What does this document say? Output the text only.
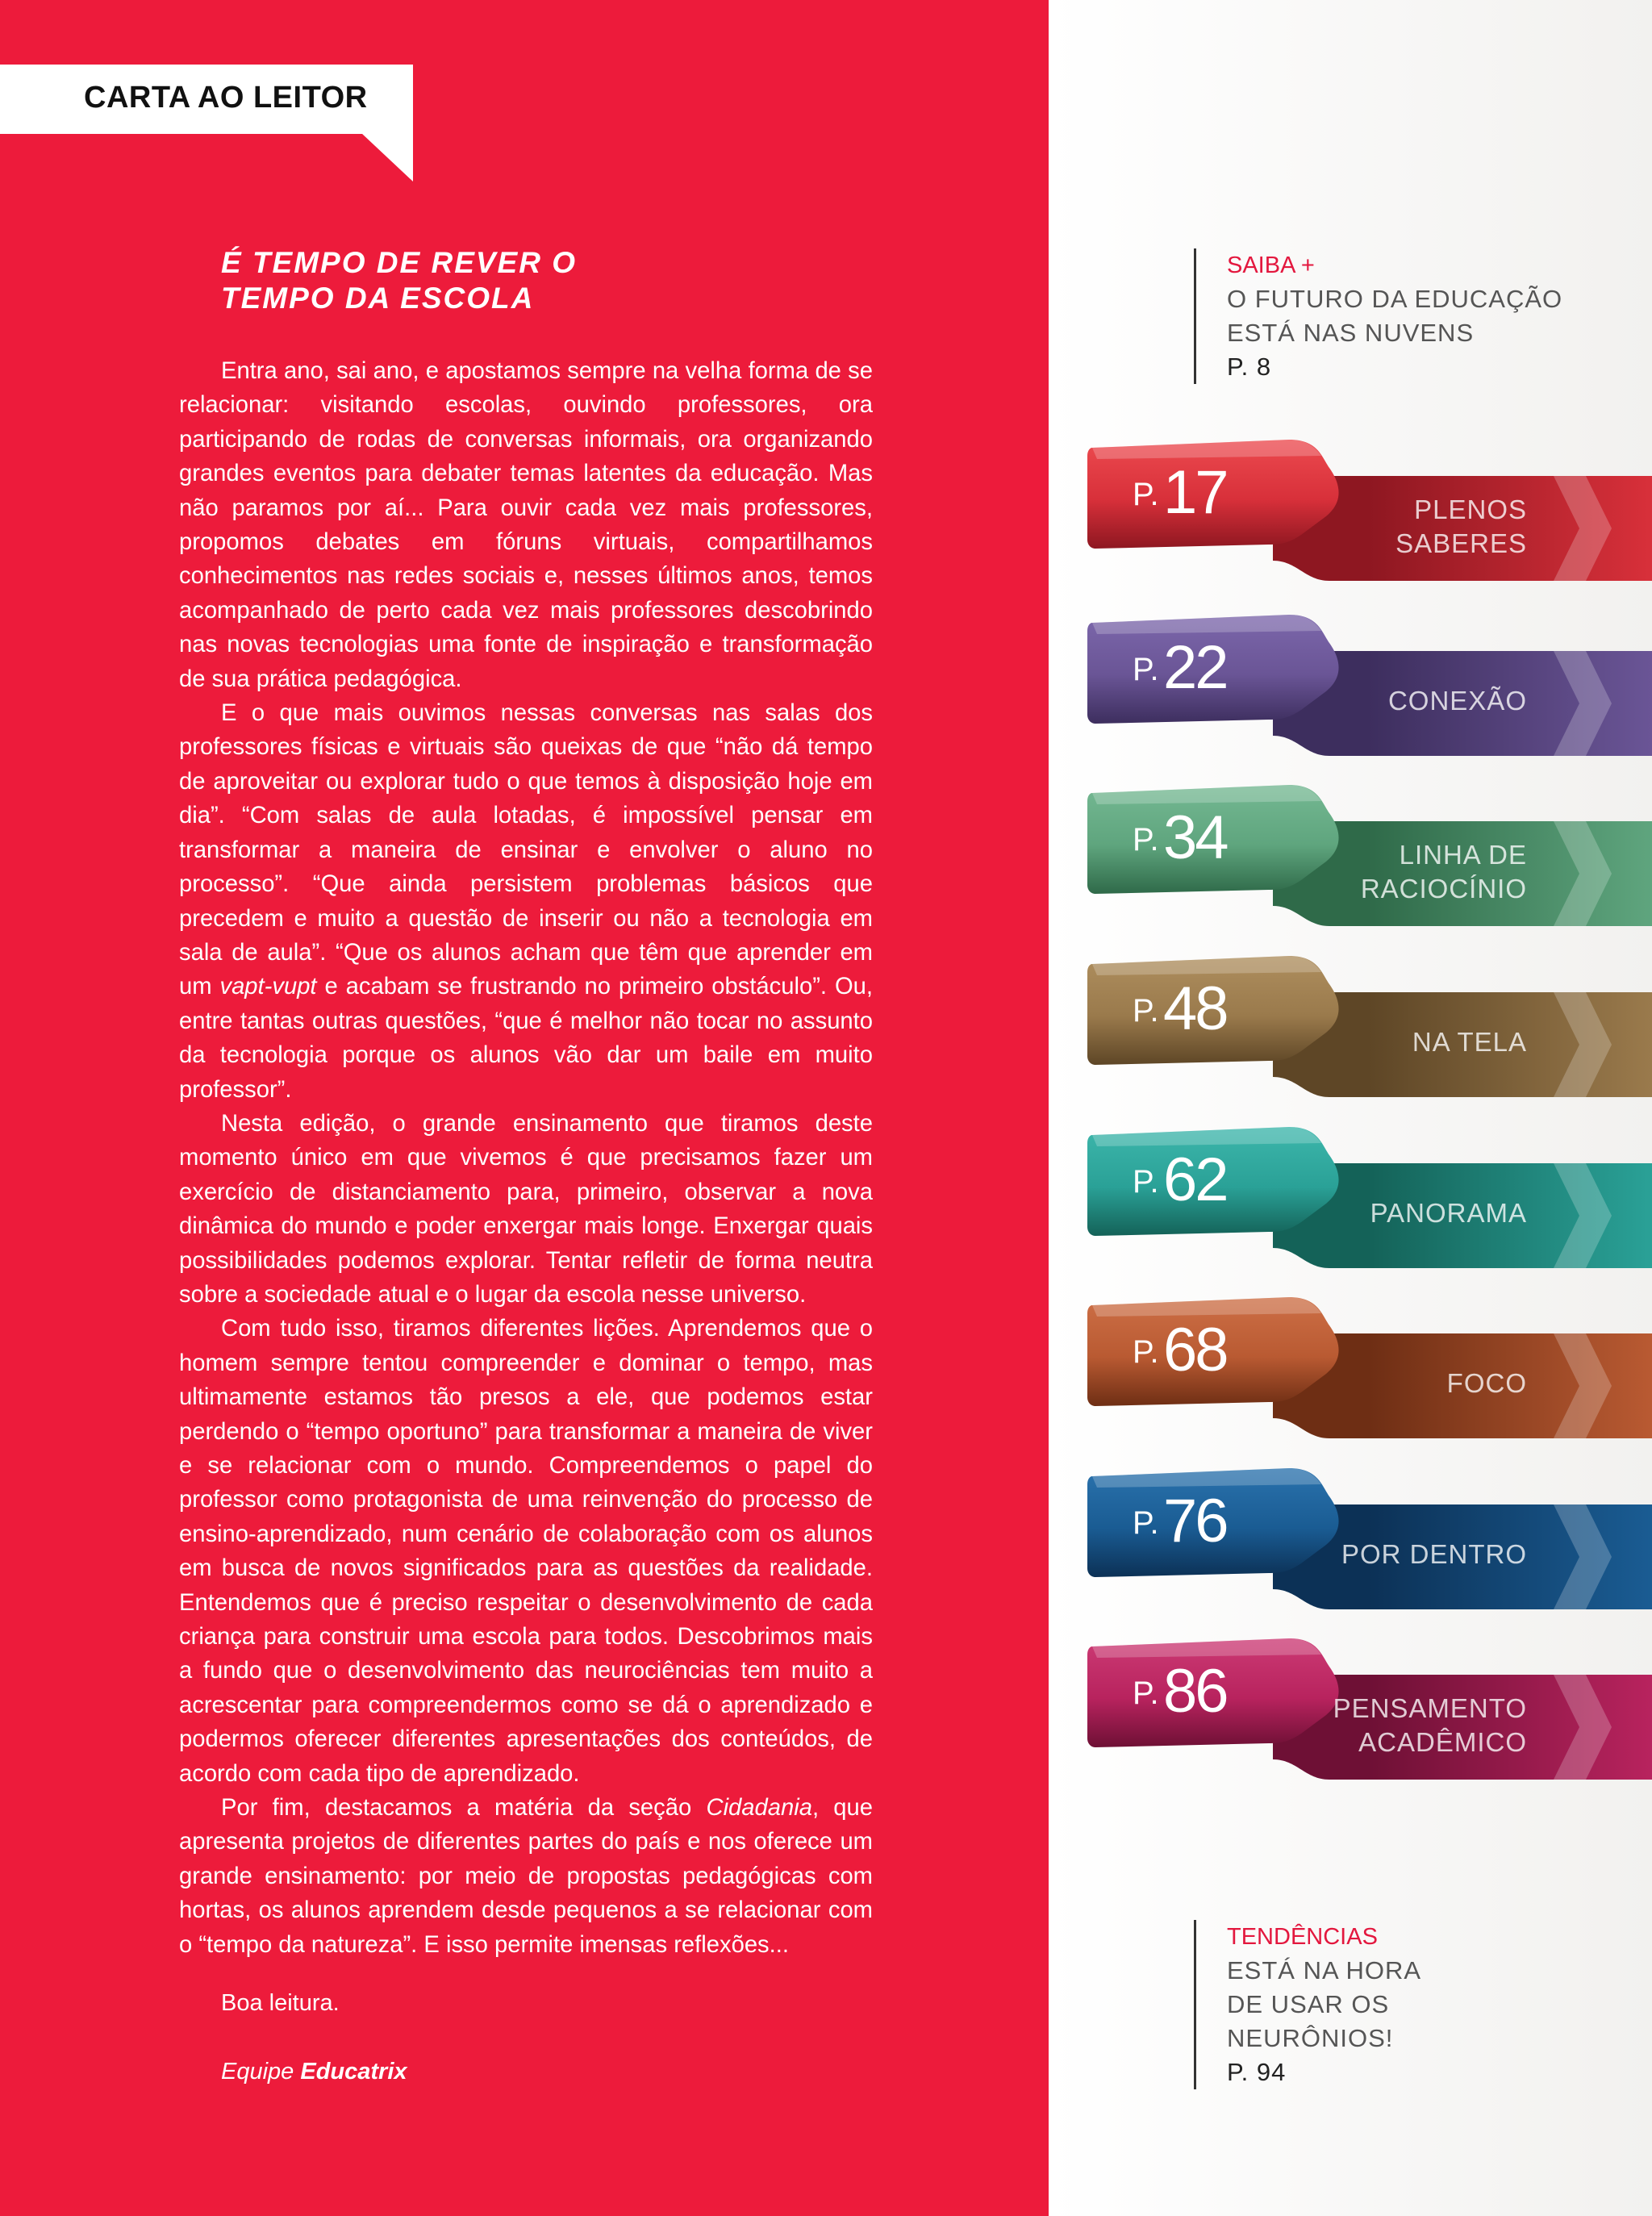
CARTA AO LEITOR
É TEMPO DE REVER O
TEMPO DA ESCOLA

Entra ano, sai ano, e apostamos sempre na velha forma de se relacionar: visitando escolas, ouvindo professores, ora participando de rodas de conversas informais, ora organizando grandes eventos para debater temas latentes da educação. Mas não paramos por aí... Para ouvir cada vez mais professores, propomos debates em fóruns virtuais, compartilhamos conhecimentos nas redes sociais e, nesses últimos anos, temos acompanhado de perto cada vez mais professores descobrindo nas novas tecnologias uma fonte de inspiração e transformação de sua prática pedagógica.

E o que mais ouvimos nessas conversas nas salas dos professores físicas e virtuais são queixas de que “não dá tempo de aproveitar ou explorar tudo o que temos à disposição hoje em dia”. “Com salas de aula lotadas, é impossível pensar em transformar a maneira de ensinar e envolver o aluno no processo”. “Que ainda persistem problemas básicos que precedem e muito a questão de inserir ou não a tecnologia em sala de aula”. “Que os alunos acham que têm que aprender em um vapt-vupt e acabam se frustrando no primeiro obstáculo”. Ou, entre tantas outras questões, “que é melhor não tocar no assunto da tecnologia porque os alunos vão dar um baile em muito professor”.

Nesta edição, o grande ensinamento que tiramos deste momento único em que vivemos é que precisamos fazer um exercício de distanciamento para, primeiro, observar a nova dinâmica do mundo e poder enxergar mais longe. Enxergar quais possibilidades podemos explorar. Tentar refletir de forma neutra sobre a sociedade atual e o lugar da escola nesse universo.

Com tudo isso, tiramos diferentes lições. Aprendemos que o homem sempre tentou compreender e dominar o tempo, mas ultimamente estamos tão presos a ele, que podemos estar perdendo o “tempo oportuno” para transformar a maneira de viver e se relacionar com o mundo. Compreendemos o papel do professor como protagonista de uma reinvenção do processo de ensino-aprendizado, num cenário de colaboração com os alunos em busca de novos significados para as questões da realidade. Entendemos que é preciso respeitar o desenvolvimento de cada criança para construir uma escola para todos. Descobrimos mais a fundo que o desenvolvimento das neurociências tem muito a acrescentar para compreendermos como se dá o aprendizado e podermos oferecer diferentes apresentações dos conteúdos, de acordo com cada tipo de aprendizado.

Por fim, destacamos a matéria da seção Cidadania, que apresenta projetos de diferentes partes do país e nos oferece um grande ensinamento: por meio de propostas pedagógicas com hortas, os alunos aprendem desde pequenos a se relacionar com o “tempo da natureza”. E isso permite imensas reflexões...

Boa leitura.
Equipe Educatrix
SAIBA +
O FUTURO DA EDUCAÇÃO
ESTÁ NAS NUVENS
P. 8
TENDÊNCIAS
ESTÁ NA HORA
DE USAR OS
NEURÔNIOS!
P. 94
P. 17	PLENOS
SABERES
P. 22	CONEXÃO
P. 34	LINHA DE
RACIOCÍNIO
P. 48	NA TELA
P. 62	PANORAMA
P. 68	FOCO
P. 76	POR DENTRO
P. 86	PENSAMENTO
ACADÊMICO
